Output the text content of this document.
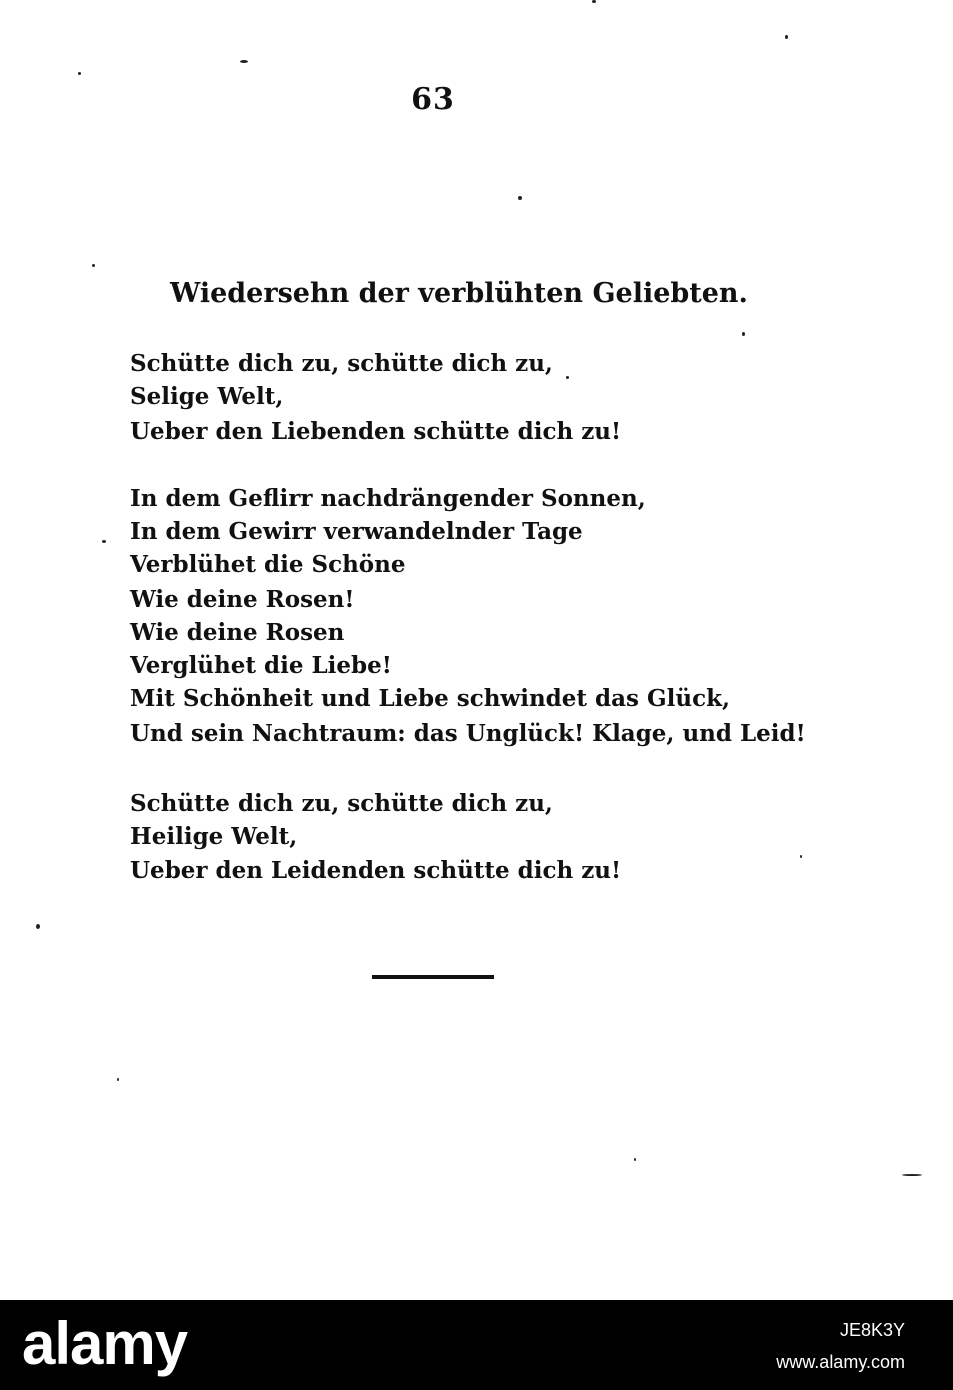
63
Wiedersehn der verblühten Geliebten.
Schütte dich zu, schütte dich zu,
Selige Welt,
Ueber den Liebenden schütte dich zu!
In dem Geflirr nachdrängender Sonnen,
In dem Gewirr verwandelnder Tage
Verblühet die Schöne
Wie deine Rosen!
Wie deine Rosen
Verglühet die Liebe!
Mit Schönheit und Liebe schwindet das Glück,
Und sein Nachtraum: das Unglück! Klage, und Leid!
Schütte dich zu, schütte dich zu,
Heilige Welt,
Ueber den Leidenden schütte dich zu!
alamy	JE8K3Y
www.alamy.com
